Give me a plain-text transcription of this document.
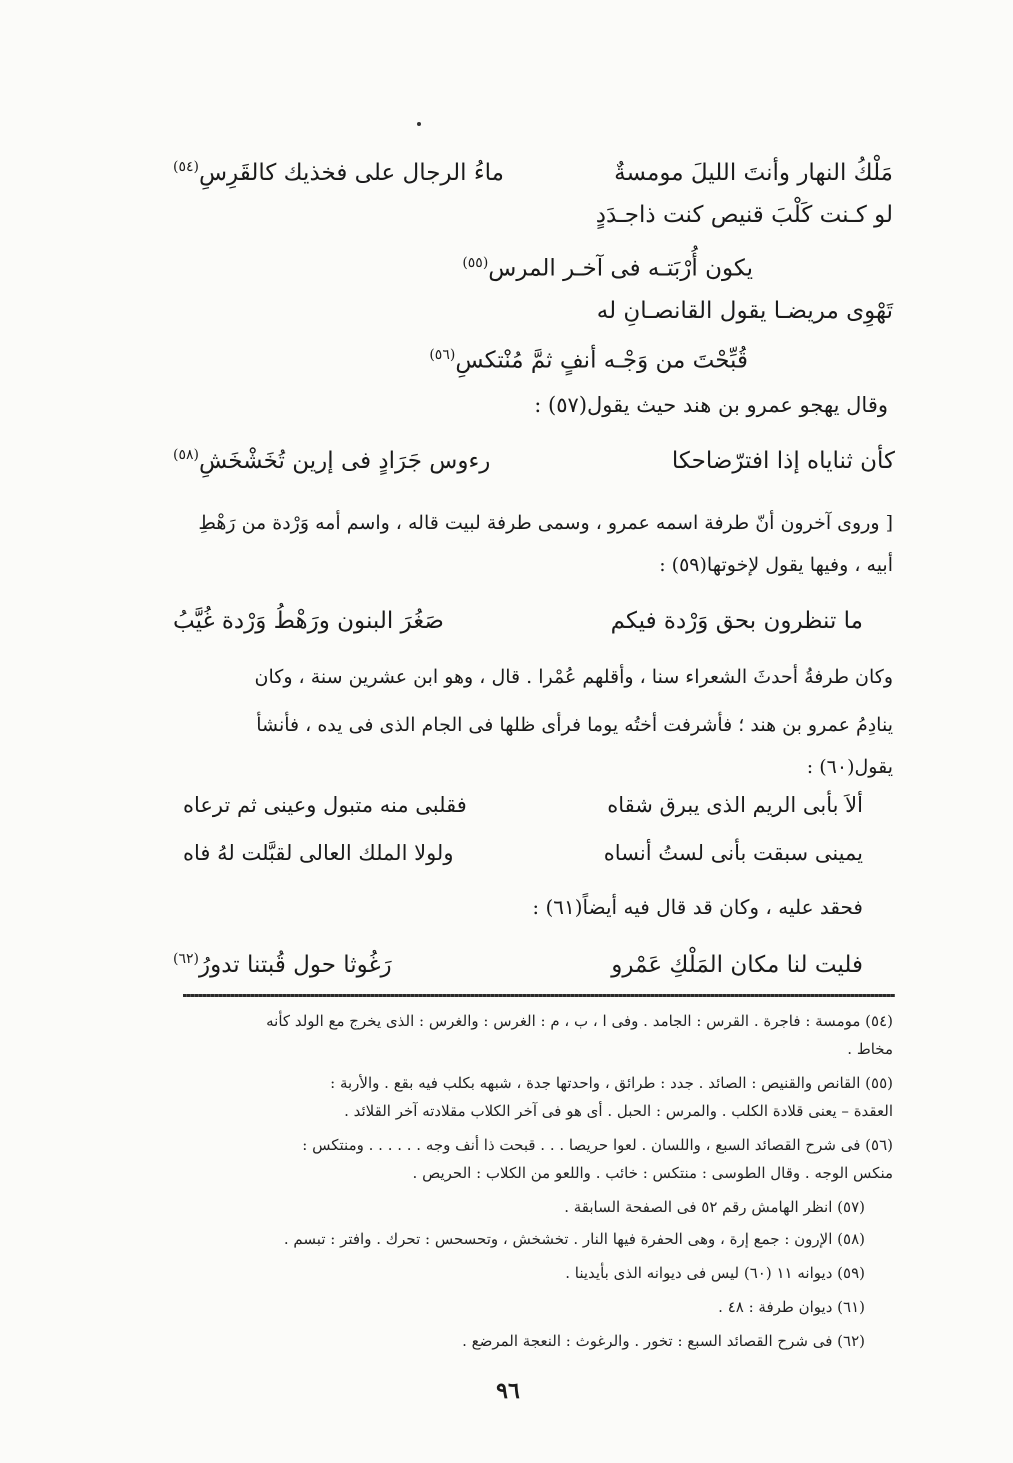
مَلْكُ النهار وأنتَ الليلَ مومسةٌ
ماءُ الرجال على فخذيك كالقَرِسِ$^{(٥٤)}$
لو كـنت كَلْبَ قنيص كنت ذاجـدَدٍ
يكون أُرْبَتـه فى آخـر المرس$^{(٥٥)}$
تَهْوِى مريضـا يقول القانصـانِ له
قُبِّحْتَ من وَجْـه أنفٍ ثمَّ مُنْتكسِ$^{(٥٦)}$
وقال يهجو عمرو بن هند حيث يقول(٥٧) :
كأن ثناياه إذا افترّضاحكا
رءوس جَرَادٍ فى إرين تُخَشْخَشِ$^{(٥٨)}$
[ وروى آخرون أنّ طرفة اسمه عمرو ، وسمى طرفة لبيت قاله ، واسم أمه وَرْدة من رَهْطِ
أبيه ، وفيها يقول لإخوتها(٥٩) :
ما تنظرون بحق وَرْدة فيكم
صَغُرَ البنون ورَهْطُ وَرْدة غُيَّبُ
وكان طرفةُ أحدثَ الشعراء سنا ، وأقلهم عُمْرا . قال ، وهو ابن عشرين سنة ، وكان
ينادِمُ عمرو بن هند ؛ فأشرفت أختُه يوما فرأى ظلها فى الجام الذى فى يده ، فأنشأ
يقول(٦٠) :
ألاَ بأبى الريم الذى يبرق شقاه
فقلبى منه متبول وعينى ثم ترعاه
يمينى سبقت بأنى لستُ أنساه
ولولا الملك العالى لقبَّلت لهُ فاه
فحقد عليه ، وكان قد قال فيه أيضاً(٦١) :
فليت لنا مكان المَلْكِ عَمْرو
رَغُوثا حول قُبتنا تدورُ$^{(٦٢)}$
(٥٤) مومسة : فاجرة . القرس : الجامد . وفى ا ، ب ، م : الغرس : والغرس : الذى يخرج مع الولد كأنه
مخاط .
(٥٥) القانص والقنيص : الصائد . جدد : طرائق ، واحدتها جدة ، شبهه بكلب فيه بقع . والأربة :
العقدة – يعنى قلادة الكلب . والمرس : الحبل . أى هو فى آخر الكلاب مقلادته آخر القلائد .
(٥٦) فى شرح القصائد السبع ، واللسان . لعوا حريصا . . . قبحت ذا أنف وجه . . . . . . ومنتكس :
منكس الوجه . وقال الطوسى : منتكس : خائب . واللعو من الكلاب : الحريص .
(٥٧) انظر الهامش رقم ٥٢ فى الصفحة السابقة .
(٥٨) الإرون : جمع إرة ، وهى الحفرة فيها النار . تخشخش ، وتحسحس : تحرك . وافتر : تبسم .
(٥٩) ديوانه ١١ (٦٠) ليس فى ديوانه الذى بأيدينا .
(٦١) ديوان طرفة : ٤٨ .
(٦٢) فى شرح القصائد السبع : تخور . والرغوث : النعجة المرضع .
٩٦
